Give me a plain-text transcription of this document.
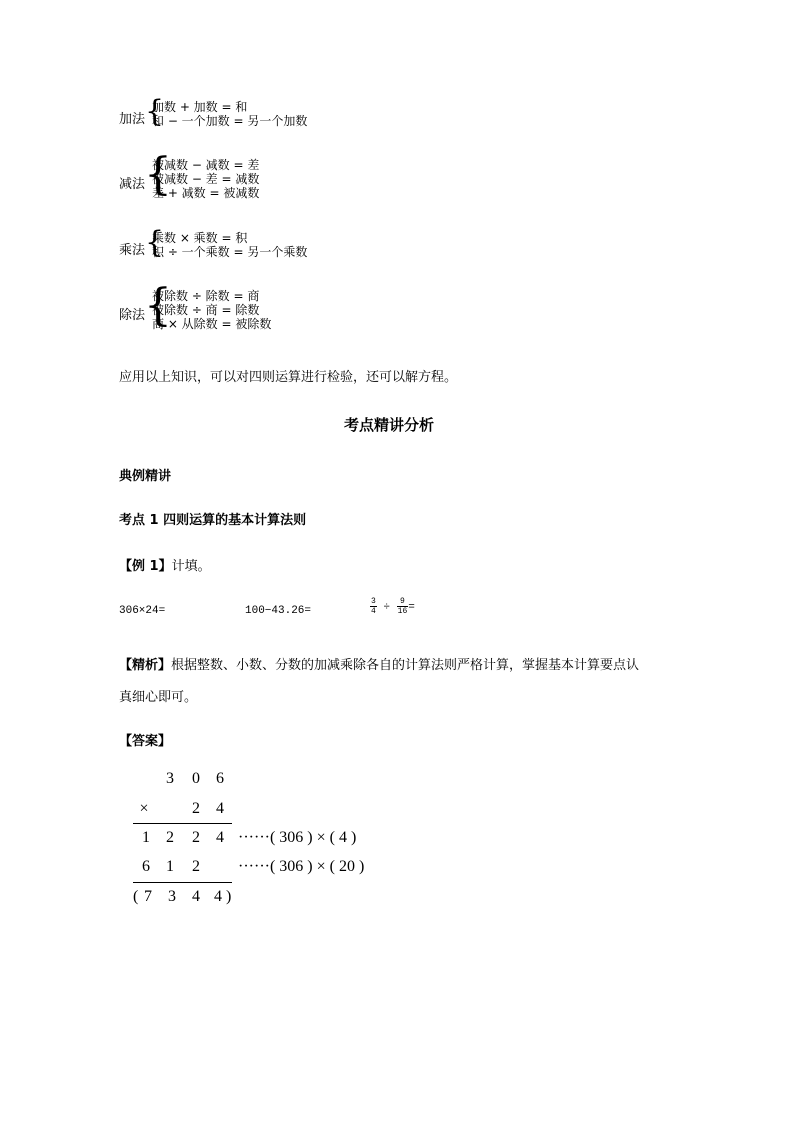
加法 {
加数 + 加数 = 和
和 − 一个加数 = 另一个加数
减法
{
被减数 − 减数 = 差
被减数 − 差 = 减数
差 + 减数 = 被减数
乘法 {
乘数 × 乘数 = 积
积 ÷ 一个乘数 = 另一个乘数
除法
{
被除数 ÷ 除数 = 商
被除数 ÷ 商 = 除数
商 × 从除数 = 被除数
应用以上知识，可以对四则运算进行检验，还可以解方程。
考点精讲分析
典例精讲
考点 1 四则运算的基本计算法则
【例 1】计填。
306×24=	100−43.26=	$\frac{3}{4} \div \frac{9}{16}$ =
【精析】根据整数、小数、分数的加减乘除各自的计算法则严格计算，掌握基本计算要点认
真细心即可。
【答案】
3 0 6
×	2 4
1 2 2 4 ······( 306 ) × ( 4 )
6 1 2 ······( 306 ) × ( 20 )
( 7 3 4 4 )
